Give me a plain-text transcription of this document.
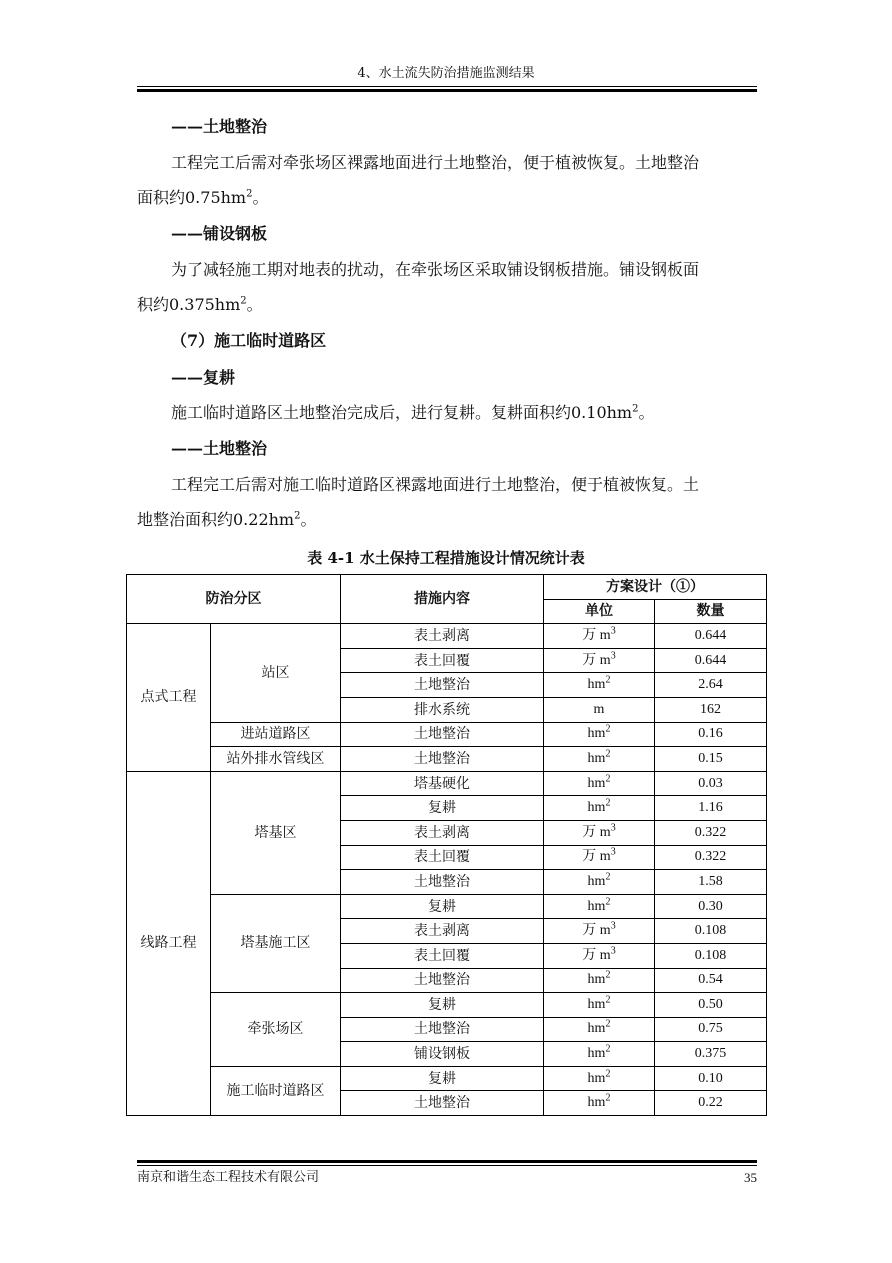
4、水土流失防治措施监测结果
——土地整治
工程完工后需对牵张场区裸露地面进行土地整治，便于植被恢复。土地整治
面积约$0.75hm^2$。
——铺设钢板
为了减轻施工期对地表的扰动，在牵张场区采取铺设钢板措施。铺设钢板面
积约$0.375hm^2$。
（7）施工临时道路区
——复耕
施工临时道路区土地整治完成后，进行复耕。复耕面积约$0.10hm^2$。
——土地整治
工程完工后需对施工临时道路区裸露地面进行土地整治，便于植被恢复。土
地整治面积约$0.22hm^2$。
表 4-1 水土保持工程措施设计情况统计表
防治分区		措施内容	方案设计（①）	
			单位	数量
点式工程	站区	表土剥离	万 $m^3$	0.644
		表土回覆	万 $m^3$	0.644
		土地整治	$hm^2$	2.64
		排水系统	m	162
	进站道路区	土地整治	$hm^2$	0.16
	站外排水管线区	土地整治	$hm^2$	0.15
线路工程	塔基区	塔基硬化	$hm^2$	0.03
		复耕	$hm^2$	1.16
		表土剥离	万 $m^3$	0.322
		表土回覆	万 $m^3$	0.322
		土地整治	$hm^2$	1.58
	塔基施工区	复耕	$hm^2$	0.30
		表土剥离	万 $m^3$	0.108
		表土回覆	万 $m^3$	0.108
		土地整治	$hm^2$	0.54
	牵张场区	复耕	$hm^2$	0.50
		土地整治	$hm^2$	0.75
		铺设钢板	$hm^2$	0.375
	施工临时道路区	复耕	$hm^2$	0.10
		土地整治	$hm^2$	0.22
南京和谐生态工程技术有限公司	35
